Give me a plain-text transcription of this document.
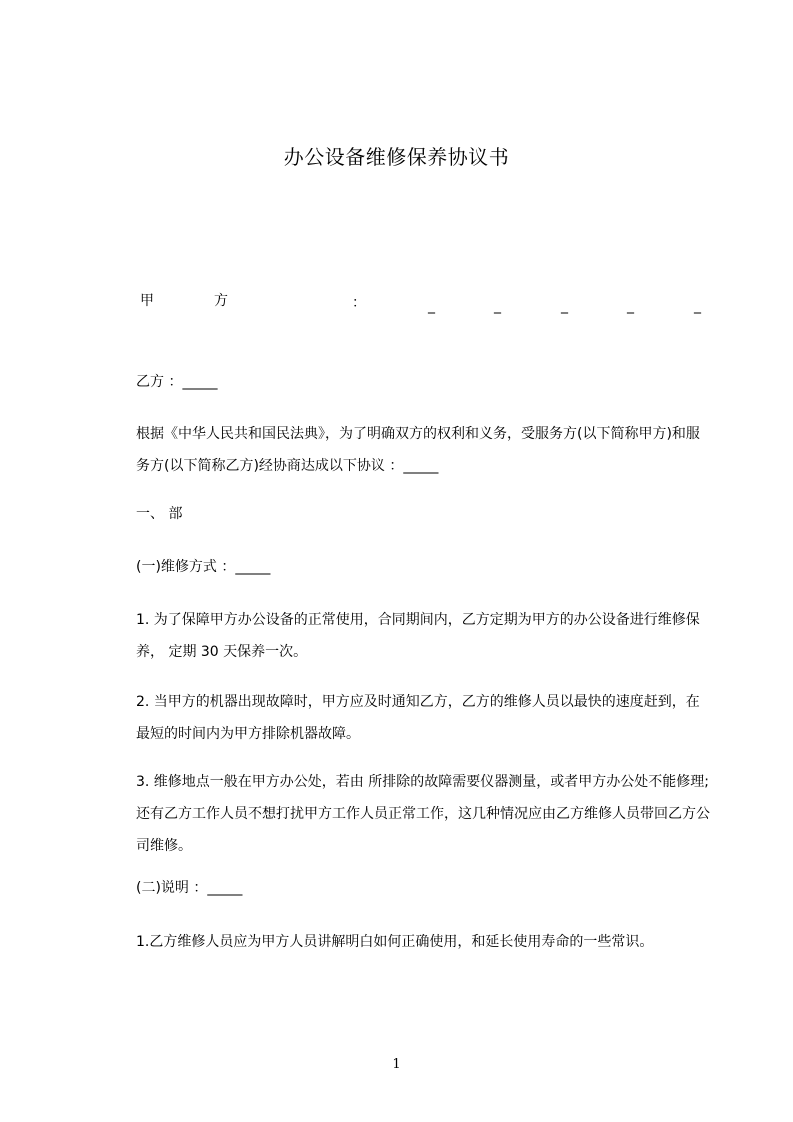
办公设备维修保养协议书
甲	方	：	_	_	_	_	_
乙方 ：_____
根据《中华人民共和国民法典》，为了明确双方的权利和义务，受服务方(以下简称甲方)和服务方(以下简称乙方)经协商达成以下协议 ：_____
一、 部
(一)维修方式 ：_____
1. 为了保障甲方办公设备的正常使用，合同期间内，乙方定期为甲方的办公设备进行维修保养， 定期 30 天保养一次。
2. 当甲方的机器出现故障时，甲方应及时通知乙方，乙方的维修人员以最快的速度赶到，在最短的时间内为甲方排除机器故障。
3. 维修地点一般在甲方办公处，若由 所排除的故障需要仪器测量，或者甲方办公处不能修理;还有乙方工作人员不想打扰甲方工作人员正常工作，这几种情况应由乙方维修人员带回乙方公司维修。
(二)说明 ：_____
1.乙方维修人员应为甲方人员讲解明白如何正确使用，和延长使用寿命的一些常识。
1
